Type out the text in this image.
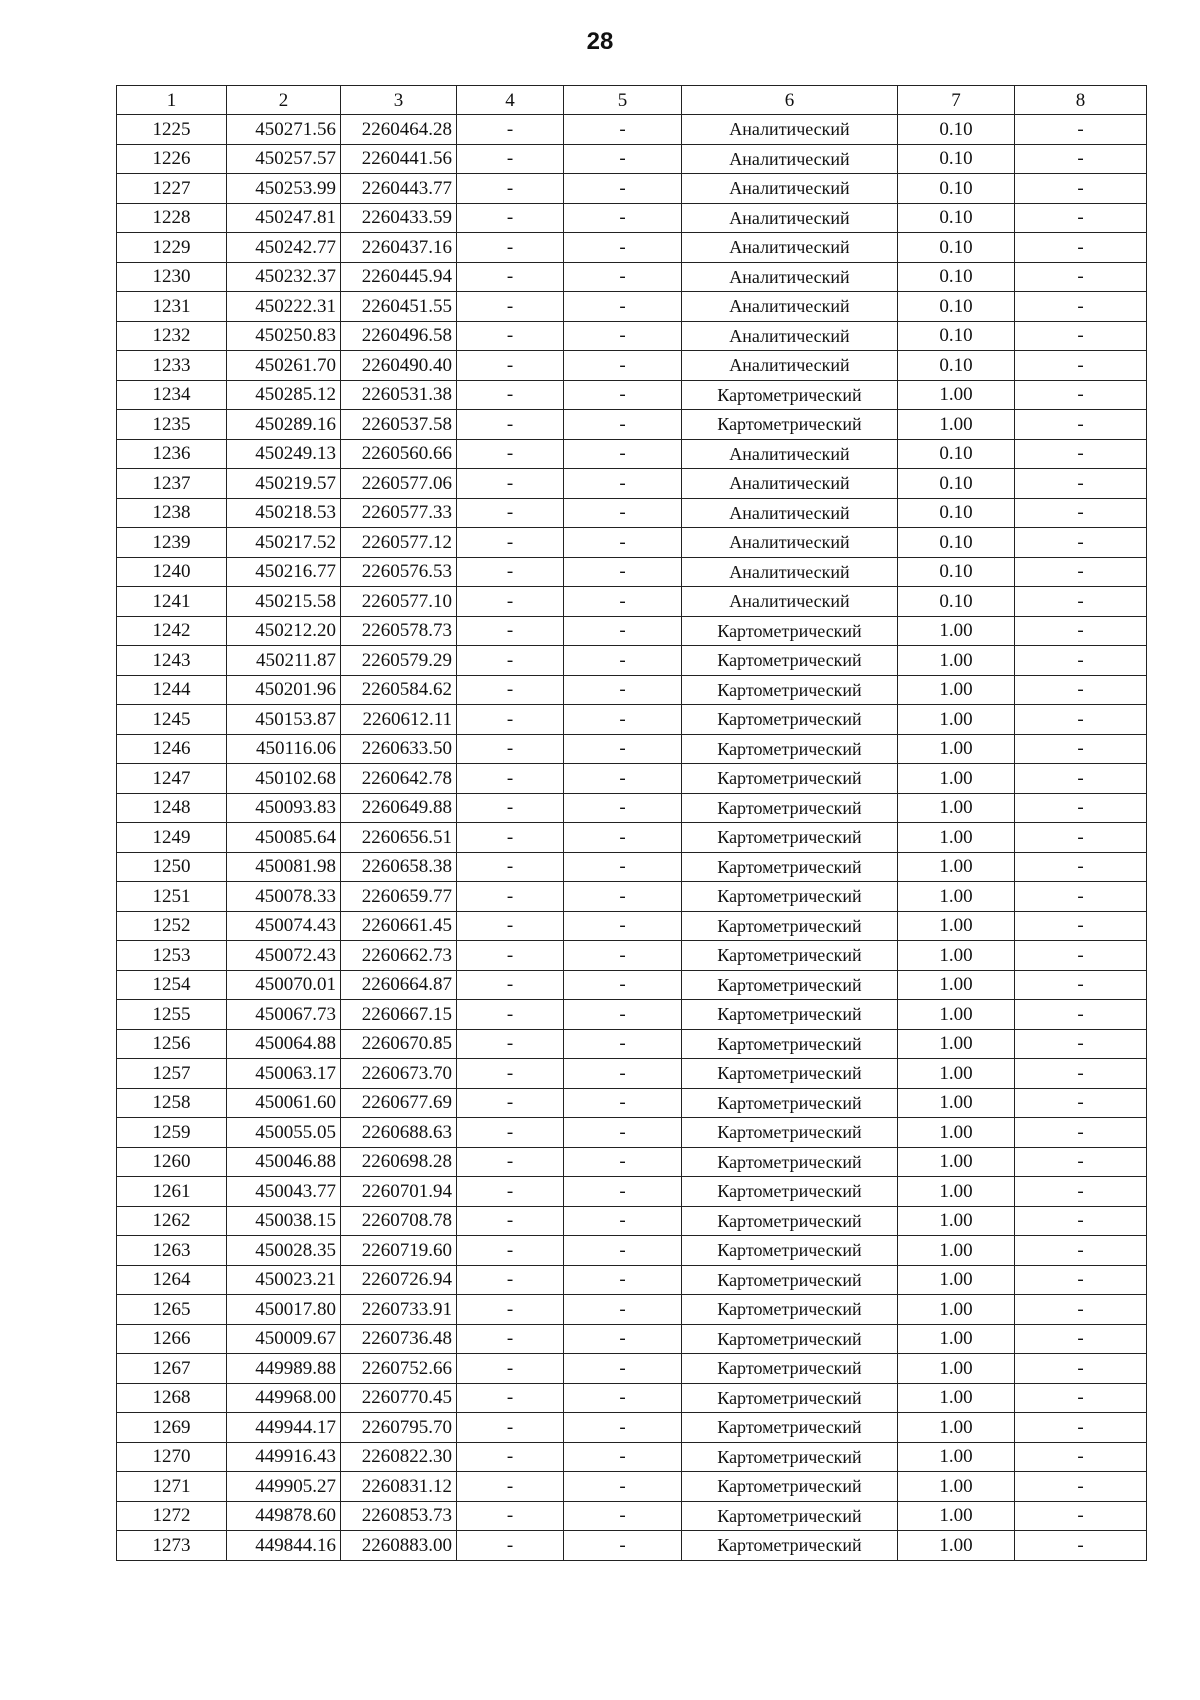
28
1	2	3	4	5	6	7	8
1225	450271.56	2260464.28	-	-	Аналитический	0.10	-
1226	450257.57	2260441.56	-	-	Аналитический	0.10	-
1227	450253.99	2260443.77	-	-	Аналитический	0.10	-
1228	450247.81	2260433.59	-	-	Аналитический	0.10	-
1229	450242.77	2260437.16	-	-	Аналитический	0.10	-
1230	450232.37	2260445.94	-	-	Аналитический	0.10	-
1231	450222.31	2260451.55	-	-	Аналитический	0.10	-
1232	450250.83	2260496.58	-	-	Аналитический	0.10	-
1233	450261.70	2260490.40	-	-	Аналитический	0.10	-
1234	450285.12	2260531.38	-	-	Картометрический	1.00	-
1235	450289.16	2260537.58	-	-	Картометрический	1.00	-
1236	450249.13	2260560.66	-	-	Аналитический	0.10	-
1237	450219.57	2260577.06	-	-	Аналитический	0.10	-
1238	450218.53	2260577.33	-	-	Аналитический	0.10	-
1239	450217.52	2260577.12	-	-	Аналитический	0.10	-
1240	450216.77	2260576.53	-	-	Аналитический	0.10	-
1241	450215.58	2260577.10	-	-	Аналитический	0.10	-
1242	450212.20	2260578.73	-	-	Картометрический	1.00	-
1243	450211.87	2260579.29	-	-	Картометрический	1.00	-
1244	450201.96	2260584.62	-	-	Картометрический	1.00	-
1245	450153.87	2260612.11	-	-	Картометрический	1.00	-
1246	450116.06	2260633.50	-	-	Картометрический	1.00	-
1247	450102.68	2260642.78	-	-	Картометрический	1.00	-
1248	450093.83	2260649.88	-	-	Картометрический	1.00	-
1249	450085.64	2260656.51	-	-	Картометрический	1.00	-
1250	450081.98	2260658.38	-	-	Картометрический	1.00	-
1251	450078.33	2260659.77	-	-	Картометрический	1.00	-
1252	450074.43	2260661.45	-	-	Картометрический	1.00	-
1253	450072.43	2260662.73	-	-	Картометрический	1.00	-
1254	450070.01	2260664.87	-	-	Картометрический	1.00	-
1255	450067.73	2260667.15	-	-	Картометрический	1.00	-
1256	450064.88	2260670.85	-	-	Картометрический	1.00	-
1257	450063.17	2260673.70	-	-	Картометрический	1.00	-
1258	450061.60	2260677.69	-	-	Картометрический	1.00	-
1259	450055.05	2260688.63	-	-	Картометрический	1.00	-
1260	450046.88	2260698.28	-	-	Картометрический	1.00	-
1261	450043.77	2260701.94	-	-	Картометрический	1.00	-
1262	450038.15	2260708.78	-	-	Картометрический	1.00	-
1263	450028.35	2260719.60	-	-	Картометрический	1.00	-
1264	450023.21	2260726.94	-	-	Картометрический	1.00	-
1265	450017.80	2260733.91	-	-	Картометрический	1.00	-
1266	450009.67	2260736.48	-	-	Картометрический	1.00	-
1267	449989.88	2260752.66	-	-	Картометрический	1.00	-
1268	449968.00	2260770.45	-	-	Картометрический	1.00	-
1269	449944.17	2260795.70	-	-	Картометрический	1.00	-
1270	449916.43	2260822.30	-	-	Картометрический	1.00	-
1271	449905.27	2260831.12	-	-	Картометрический	1.00	-
1272	449878.60	2260853.73	-	-	Картометрический	1.00	-
1273	449844.16	2260883.00	-	-	Картометрический	1.00	-
